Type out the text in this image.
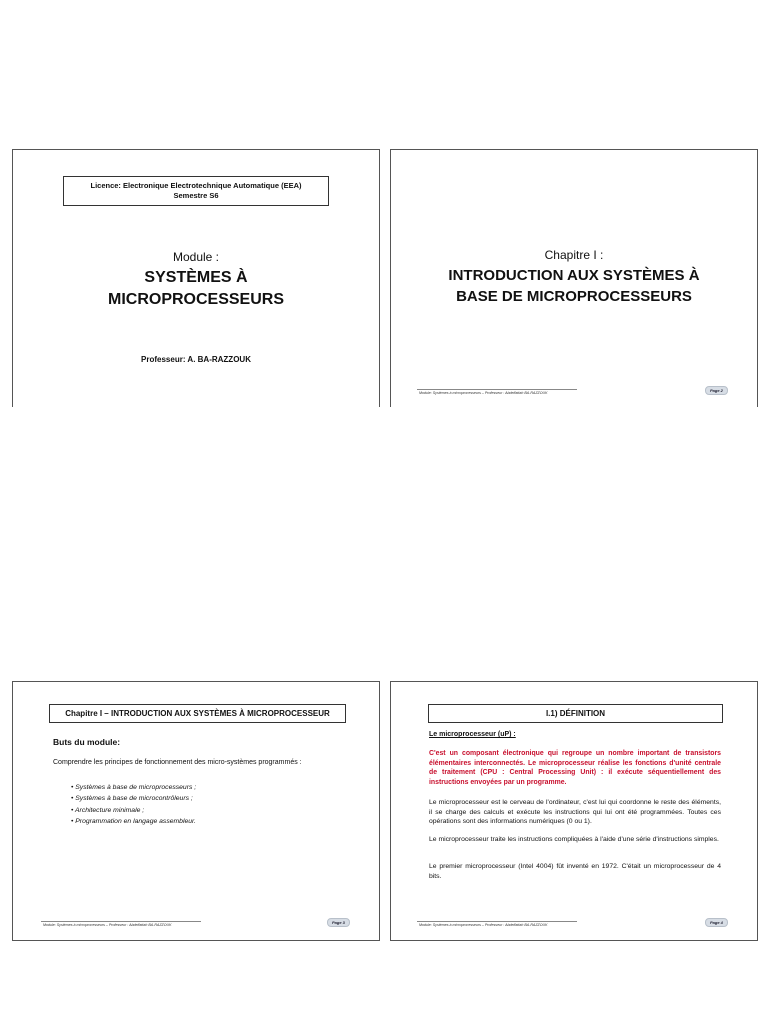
Licence: Electronique Electrotechnique Automatique (EEA)
Semestre S6
Module :
SYSTÈMES À
MICROPROCESSEURS
Professeur: A. BA-RAZZOUK
Chapitre I :
INTRODUCTION AUX SYSTÈMES À
BASE DE MICROPROCESSEURS
Module: Systèmes à microprocesseurs – Professeur : Abdelfattah BA-RAZZOUK	Page 2
Chapitre I – INTRODUCTION AUX SYSTÈMES À MICROPROCESSEUR
Buts du module:
Comprendre les principes de fonctionnement des micro-systèmes programmés :
• Systèmes à base de microprocesseurs ;
• Systèmes à base de microcontrôleurs ;
• Architecture minimale ;
• Programmation en langage assembleur.
Module: Systèmes à microprocesseurs – Professeur : Abdelfattah BA-RAZZOUK	Page 3
I.1) DÉFINITION
Le microprocesseur (uP) :

C'est un composant électronique qui regroupe un nombre important de transistors élémentaires interconnectés. Le microprocesseur réalise les fonctions d'unité centrale de traitement (CPU : Central Processing Unit) : il exécute séquentiellement des instructions envoyées par un programme.

Le microprocesseur est le cerveau de l'ordinateur, c'est lui qui coordonne le reste des éléments, il se charge des calculs et exécute les instructions qui lui ont été programmées. Toutes ces opérations sont des informations numériques (0 ou 1).

Le microprocesseur traite les instructions compliquées à l'aide d'une série d'instructions simples.

Le premier microprocesseur (Intel 4004) fût inventé en 1972. C'était un microprocesseur de 4 bits.

Module: Systèmes à microprocesseurs – Professeur : Abdelfattah BA-RAZZOUK	Page 4
